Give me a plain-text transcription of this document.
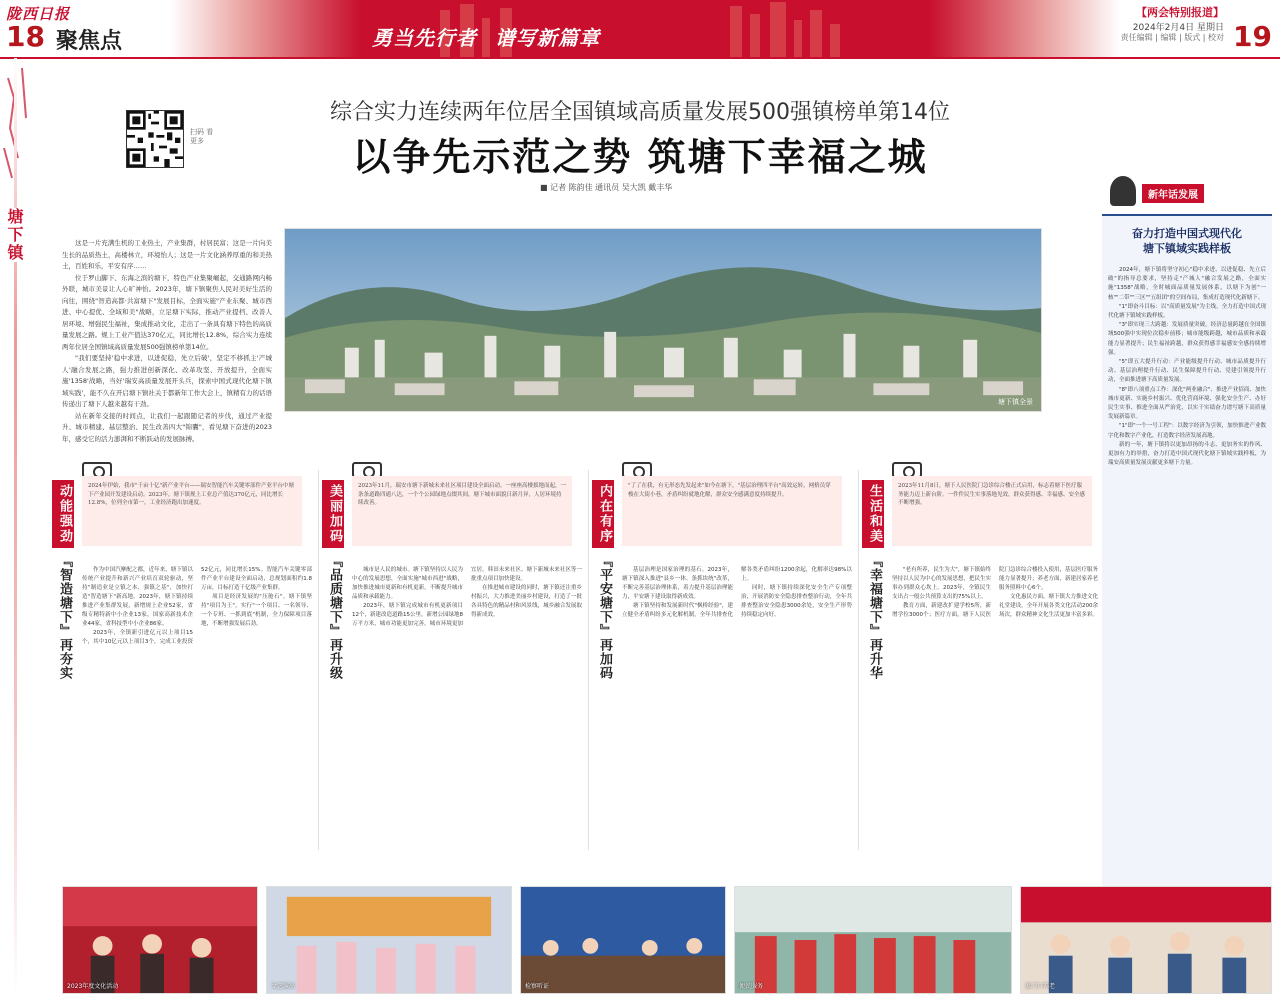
陇西日报
18 聚焦点	勇当先行者 谱写新篇章
【两会特别报道】
2024年2月4日 星期日
责任编辑 | 编辑 | 版式 | 校对 19
塘下镇
扫码 看更多
综合实力连续两年位居全国镇域高质量发展500强镇榜单第14位
以争先示范之势 筑塘下幸福之城
■ 记者 陈韵佳 通讯员 吴大凯 戴丰华

这是一片充满生机的工业热土，产业集群，村居民富；这是一片向美生长的品质热土，高楼林立，环境怡人；这是一片文化涵养厚重的和美热土，百姓和乐，平安有序……

位于罗山脚下、东海之滨的塘下，特色产业集聚崛起，交通路网内畅外联，城市美景让人心旷神怡。2023年，塘下镇聚焦人民对美好生活的向往，围绕"智造高都·共富塘下"发展目标，全面实施"产业东聚、城市西进、中心提优、全域和美"战略，立足塘下实际，推动产业提档、改善人居环境、增强民生福祉，集成推动文化，走出了一条具有塘下特色的高质量发展之路。规上工业产值达370亿元，同比增长12.8%，综合实力连续两年位居全国镇域高质量发展500强镇榜单第14位。

"我们要坚持'稳中求进，以进促稳，先立后破'，坚定不移抓主'产城人'融合发展之路，强力推进创新深化、改革攻坚、开放提升，全面实施'1358'战略，当好'瑞安高质量发展开头兵，探索中国式现代化塘下镇域实践'，能不久在开启塘下镇社关于都新年工作大会上，镇精有力的话语传递出了塘下人越来越有干劲。

站在新年交接的时间点，让我们一起跟随记者的步伐，通过产业提升、城市精建、基层整治、民生改善四大"锦囊"，看见塘下奋进的2023年，感受它的活力澎湃和不断跃动的发展脉搏。

塘下镇全景
新年话发展
奋力打造中国式现代化
塘下镇域实践样板

2024年，塘下镇将坚守初心"稳中求进、以进促稳、先立后破"的指导总要求，坚持走"产城人"融合发展之路，全面实施"1358"战略，全时城面品质量发展体系，以塘下为创"一核""二带""三区""五组团"的空间布局，集成打造现代化新塘下。

"1"即奋斗目标：以"高质量发展"为主线，全力打造中国式现代化塘下镇域实践样板。

"3"即实现三大跨越：发展质量突破，经济总量跨越在全国镇域500强中实现位次稳步前移；城市能级跨越，城市品质和承载能力显著提升；民生福祉跨越，群众获得感幸福感安全感持续增强。

"5"即五大提升行动：产业能级提升行动、城市品质提升行动、基层治理提升行动、民生保障提升行动、党建引领提升行动，全面推进塘下高质量发展。

"8"即八项重点工作：深化"两业融合"、推进产业招商、加快城市更新、实施乡村振兴、优化营商环境、强化安全生产、办好民生实事、推进全面从严治党，以实干实绩奋力谱写塘下高质量发展新篇章。

"1"即"一个一号工程"：以数字经济为引领，加快推进产业数字化和数字产业化，打造数字经济发展高地。

新的一年，塘下镇将以更加昂扬的斗志、更加务实的作风、更加有力的举措，奋力打造中国式现代化塘下镇域实践样板，为瑞安高质量发展贡献更多塘下力量。

动能强劲
『智造塘下』再夯实
2024年伊始，我市"千亩十亿"新产业平台——瑞安智能汽车关键零部件产业平台中塘下产业园开发建设启动。2023年，塘下镇规上工业总产值达370亿元，同比增长12.8%，位列全市第一，工业经济跑出加速度。

作为中国汽摩配之都，近年来，塘下镇以传统产业提升和新兴产业培育双轮驱动，坚持"制造业是立镇之本、强镇之基"，加快打造"智造塘下"新高地。2023年，塘下镇持续推进产业集群发展，新增规上企业52家，省级专精特新中小企业13家，国家高新技术企业44家，省科技型中小企业86家。

2023年，全镇新引进亿元以上项目15个，其中10亿元以上项目3个，完成工业投资52亿元，同比增长15%。智能汽车关键零部件产业平台建设全面启动，总规划面积约1.8万亩，目标打造千亿级产业集群。

项目是经济发展的"压舱石"。塘下镇坚持"项目为王"，实行"一个项目、一名领导、一个专班、一抓到底"机制，全力保障项目落地，不断增强发展后劲。

美丽加码
『品质塘下』再升级
2023年11月，瑞安市塘下新城未来社区项目建设全面启动。一座座高楼拔地而起，一条条道路四通八达，一个个公园绿地点缀其间，塘下城市面貌日新月异，人居环境持续改善。

城市是人民的城市。塘下镇坚持以人民为中心的发展思想，全面实施"城市西进"战略，加快推进城市更新和有机更新，不断提升城市品质和承载能力。

2023年，塘下镇完成城市有机更新项目12个，新建改造道路15公里，新增公园绿地8万平方米，城市功能更加完善，城市环境更加宜居。韩田未来社区、塘下新城未来社区等一批重点项目加快建设。

在推进城市建设的同时，塘下镇还注重乡村振兴，大力推进美丽乡村建设，打造了一批各具特色的精品村和风景线，城乡融合发展取得新成效。

内在有序
『平安塘下』再加码
"了了在我，有无形态先发起来"如今在塘下，"基层治理四平台"高效运转，网格员穿梭在大街小巷，矛盾纠纷就地化解，群众安全感满意度持续提升。

基层治理是国家治理的基石。2023年，塘下镇深入推进"县乡一体、条抓块统"改革，不断完善基层治理体系，着力提升基层治理能力，平安塘下建设取得新成效。

塘下镇坚持和发展新时代"枫桥经验"，建立健全矛盾纠纷多元化解机制，全年共排查化解各类矛盾纠纷1200余起，化解率达98%以上。

同时，塘下镇持续深化安全生产专项整治，开展消防安全隐患排查整治行动，全年共排查整治安全隐患3000余处，安全生产形势持续稳定向好。

生活和美
『幸福塘下』再升华
2023年11月8日，塘下人民医院门急诊综合楼正式启用，标志着塘下医疗服务能力迈上新台阶。一件件民生实事落地见效，群众获得感、幸福感、安全感不断增强。

"老有所养，民生为大"，塘下镇始终坚持以人民为中心的发展思想，把民生实事办到群众心坎上。2023年，全镇民生支出占一般公共预算支出的75%以上。

教育方面，新建改扩建学校5所，新增学位3000个；医疗方面，塘下人民医院门急诊综合楼投入使用，基层医疗服务能力显著提升；养老方面，新建居家养老服务照料中心6个。

文化惠民方面，塘下镇大力推进文化礼堂建设，全年开展各类文化活动200余场次，群众精神文化生活更加丰富多彩。

2023年度文化活动	文艺演出	检察听证	便民服务	家门口养老
